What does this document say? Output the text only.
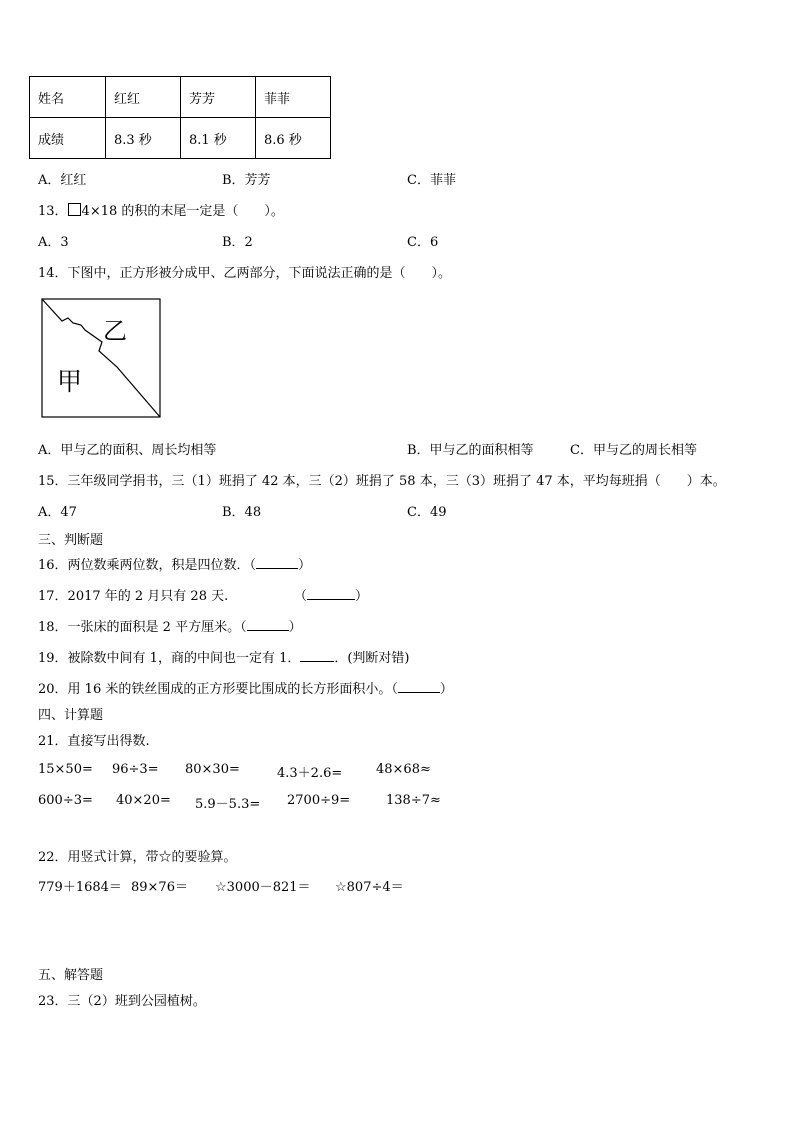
姓名	红红	芳芳	菲菲
成绩	8.3 秒	8.1 秒	8.6 秒
A．红红	B．芳芳	C．菲菲
13． 4×18 的积的末尾一定是（　　）。
A．3	B．2	C．6
14．下图中，正方形被分成甲、乙两部分，下面说法正确的是（　　）。
乙
甲
A．甲与乙的面积、周长均相等	B．甲与乙的面积相等	C．甲与乙的周长相等
15．三年级同学捐书，三（1）班捐了 42 本，三（2）班捐了 58 本，三（3）班捐了 47 本，平均每班捐（　　）本。
A．47	B．48	C．49
三、判断题
16．两位数乘两位数，积是四位数．（	）
17．2017 年的 2 月只有 28 天.	（	）
18．一张床的面积是 2 平方厘米。（	）
19．被除数中间有 1，商的中间也一定有 1．	．(判断对错)
20．用 16 米的铁丝围成的正方形要比围成的长方形面积小。（	）
四、计算题
21．直接写出得数.
15×50= 96÷3= 80×30=	4.3＋2.6=	48×68≈
600÷3= 40×20= 5.9－5.3= 2700÷9=	138÷7≈
22．用竖式计算，带☆的要验算。
779＋1684＝ 89×76＝ ☆3000－821＝ ☆807÷4＝
五、解答题
23．三（2）班到公园植树。
